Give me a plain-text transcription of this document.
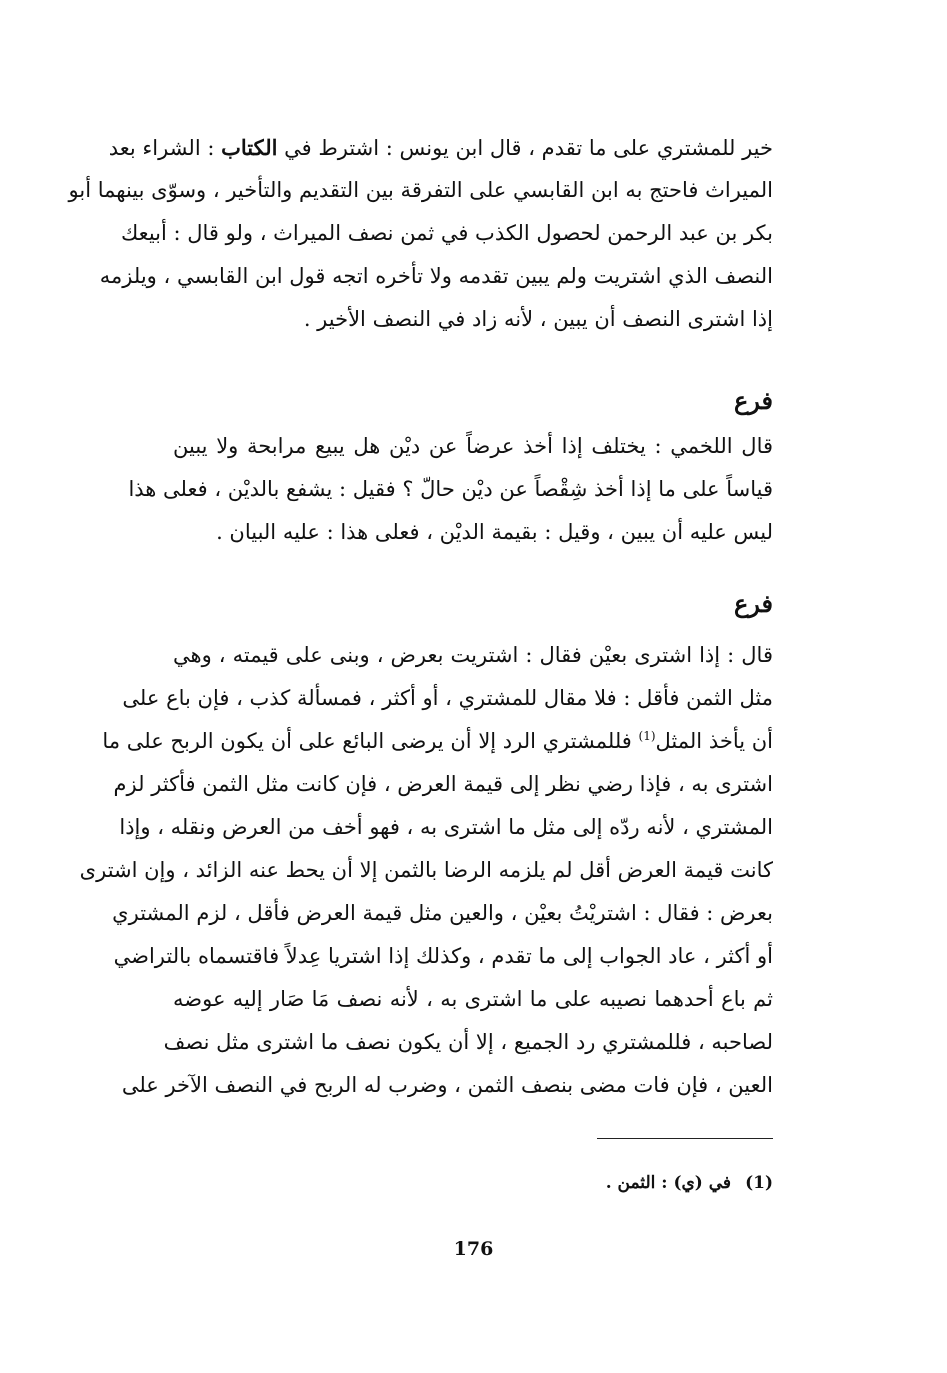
خير للمشتري على ما تقدم ، قال ابن يونس : اشترط في الكتاب : الشراء بعد
الميراث فاحتج به ابن القابسي على التفرقة بين التقديم والتأخير ، وسوّى بينهما أبو
بكر بن عبد الرحمن لحصول الكذب في ثمن نصف الميراث ، ولو قال : أبيعك
النصف الذي اشتريت ولم يبين تقدمه ولا تأخره اتجه قول ابن القابسي ، ويلزمه
إذا اشترى النصف أن يبين ، لأنه زاد في النصف الأخير .

فرع

قال اللخمي : يختلف إذا أخذ عرضاً عن ديْن هل يبيع مرابحة ولا يبين
قياساً على ما إذا أخذ شِقْصاً عن ديْن حالّ ؟ فقيل : يشفع بالديْن ، فعلى هذا
ليس عليه أن يبين ، وقيل : بقيمة الديْن ، فعلى هذا : عليه البيان .

فرع

قال : إذا اشترى بعيْن فقال : اشتريت بعرض ، وبنى على قيمته ، وهي
مثل الثمن فأقل : فلا مقال للمشتري ، أو أكثر ، فمسألة كذب ، فإن باع على
أن يأخذ المثل$^{(1)}$ فللمشتري الرد إلا أن يرضى البائع على أن يكون الربح على ما
اشترى به ، فإذا رضي نظر إلى قيمة العرض ، فإن كانت مثل الثمن فأكثر لزم
المشتري ، لأنه ردّه إلى مثل ما اشترى به ، فهو أخف من العرض ونقله ، وإذا
كانت قيمة العرض أقل لم يلزمه الرضا بالثمن إلا أن يحط عنه الزائد ، وإن اشترى
بعرض : فقال : اشتريْتُ بعيْن ، والعين مثل قيمة العرض فأقل ، لزم المشتري
أو أكثر ، عاد الجواب إلى ما تقدم ، وكذلك إذا اشتريا عِدلاً فاقتسماه بالتراضي
ثم باع أحدهما نصيبه على ما اشترى به ، لأنه نصف مَا صَار إليه عوضه
لصاحبه ، فللمشتري رد الجميع ، إلا أن يكون نصف ما اشترى مثل نصف
العين ، فإن فات مضى بنصف الثمن ، وضرب له الربح في النصف الآخر على

(1)في (ي) : الثمن .

176
